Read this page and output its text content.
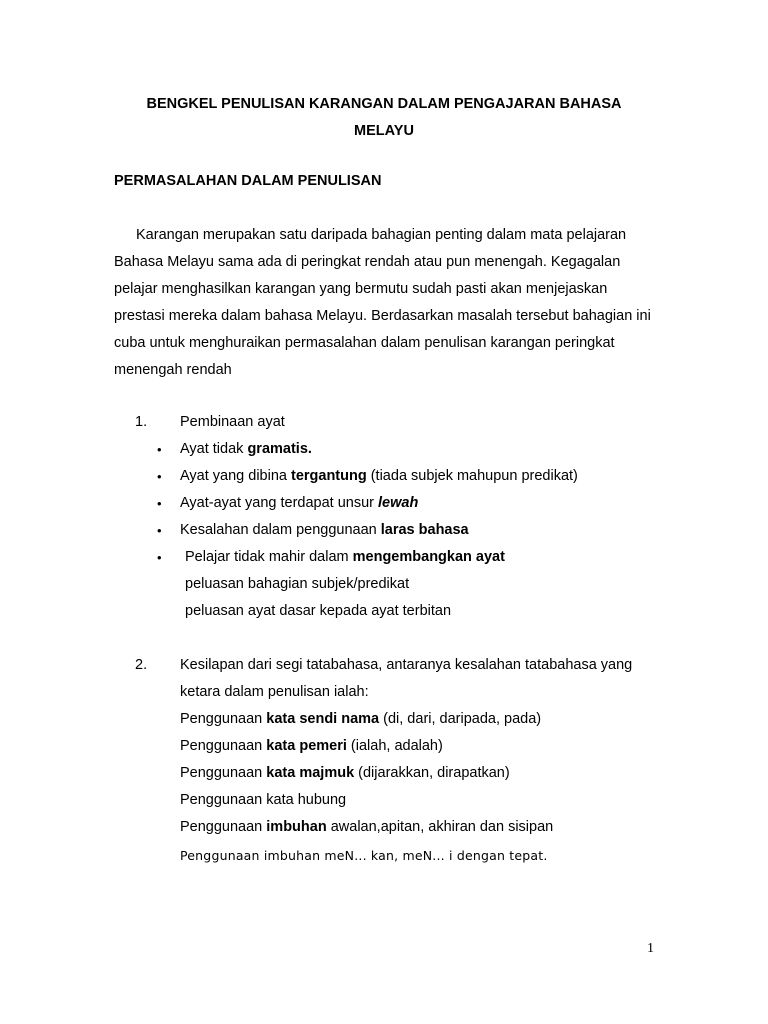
BENGKEL PENULISAN KARANGAN DALAM PENGAJARAN BAHASA
MELAYU
PERMASALAHAN DALAM PENULISAN

Karangan merupakan satu daripada bahagian penting dalam mata pelajaran Bahasa Melayu sama ada di peringkat rendah atau pun menengah. Kegagalan pelajar menghasilkan karangan yang bermutu sudah pasti akan menjejaskan prestasi mereka dalam bahasa Melayu. Berdasarkan masalah tersebut bahagian ini cuba untuk menghuraikan permasalahan dalam penulisan karangan peringkat menengah rendah

1. Pembinaan ayat
• Ayat tidak gramatis.
• Ayat yang dibina tergantung (tiada subjek mahupun predikat)
• Ayat-ayat yang terdapat unsur lewah
• Kesalahan dalam penggunaan laras bahasa
• Pelajar tidak mahir dalam mengembangkan ayat
peluasan bahagian subjek/predikat
peluasan ayat dasar kepada ayat terbitan
2. Kesilapan dari segi tatabahasa, antaranya kesalahan tatabahasa yang
ketara dalam penulisan ialah:
Penggunaan kata sendi nama (di, dari, daripada, pada)
Penggunaan kata pemeri (ialah, adalah)
Penggunaan kata majmuk (dijarakkan, dirapatkan)
Penggunaan kata hubung
Penggunaan imbuhan awalan,apitan, akhiran dan sisipan
Penggunaan imbuhan meN... kan, meN... i dengan tepat.
1
